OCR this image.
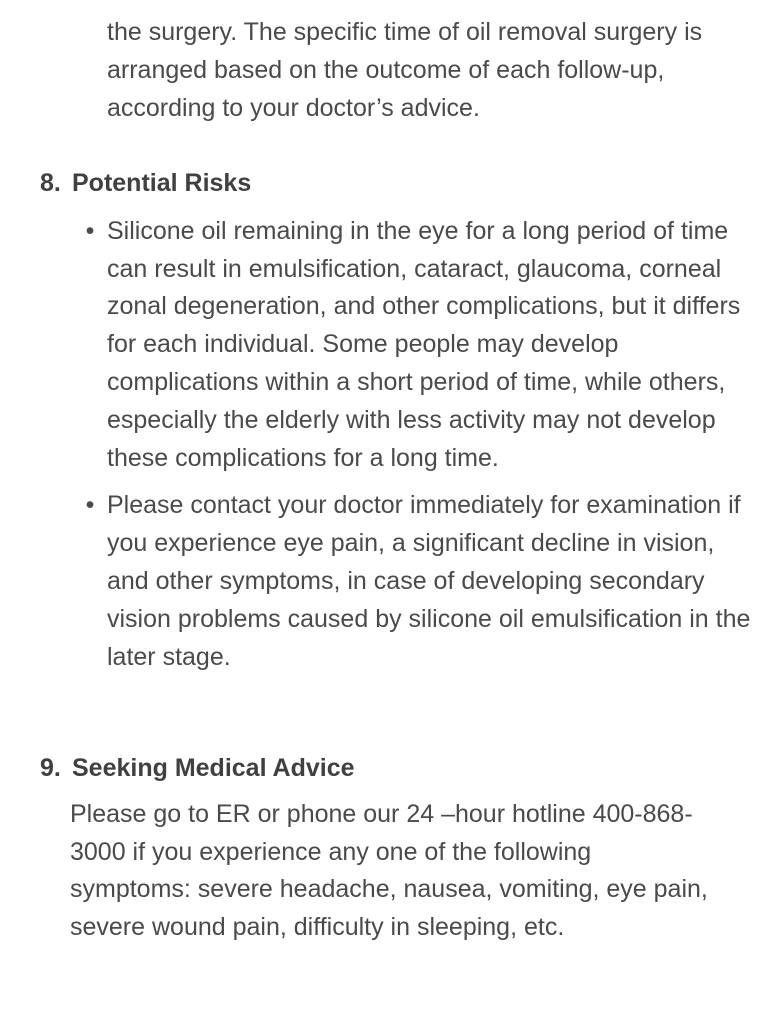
the surgery. The specific time of oil removal surgery is arranged based on the outcome of each follow-up, according to your doctor’s advice.

8. Potential Risks
• Silicone oil remaining in the eye for a long period of time can result in emulsification, cataract, glaucoma, corneal zonal degeneration, and other complications, but it differs for each individual. Some people may develop complications within a short period of time, while others, especially the elderly with less activity may not develop these complications for a long time.
• Please contact your doctor immediately for examination if you experience eye pain, a significant decline in vision, and other symptoms, in case of developing secondary vision problems caused by silicone oil emulsification in the later stage.
9. Seeking Medical Advice

Please go to ER or phone our 24 –hour hotline 400-868-3000 if you experience any one of the following symptoms: severe headache, nausea, vomiting, eye pain, severe wound pain, difficulty in sleeping, etc.
